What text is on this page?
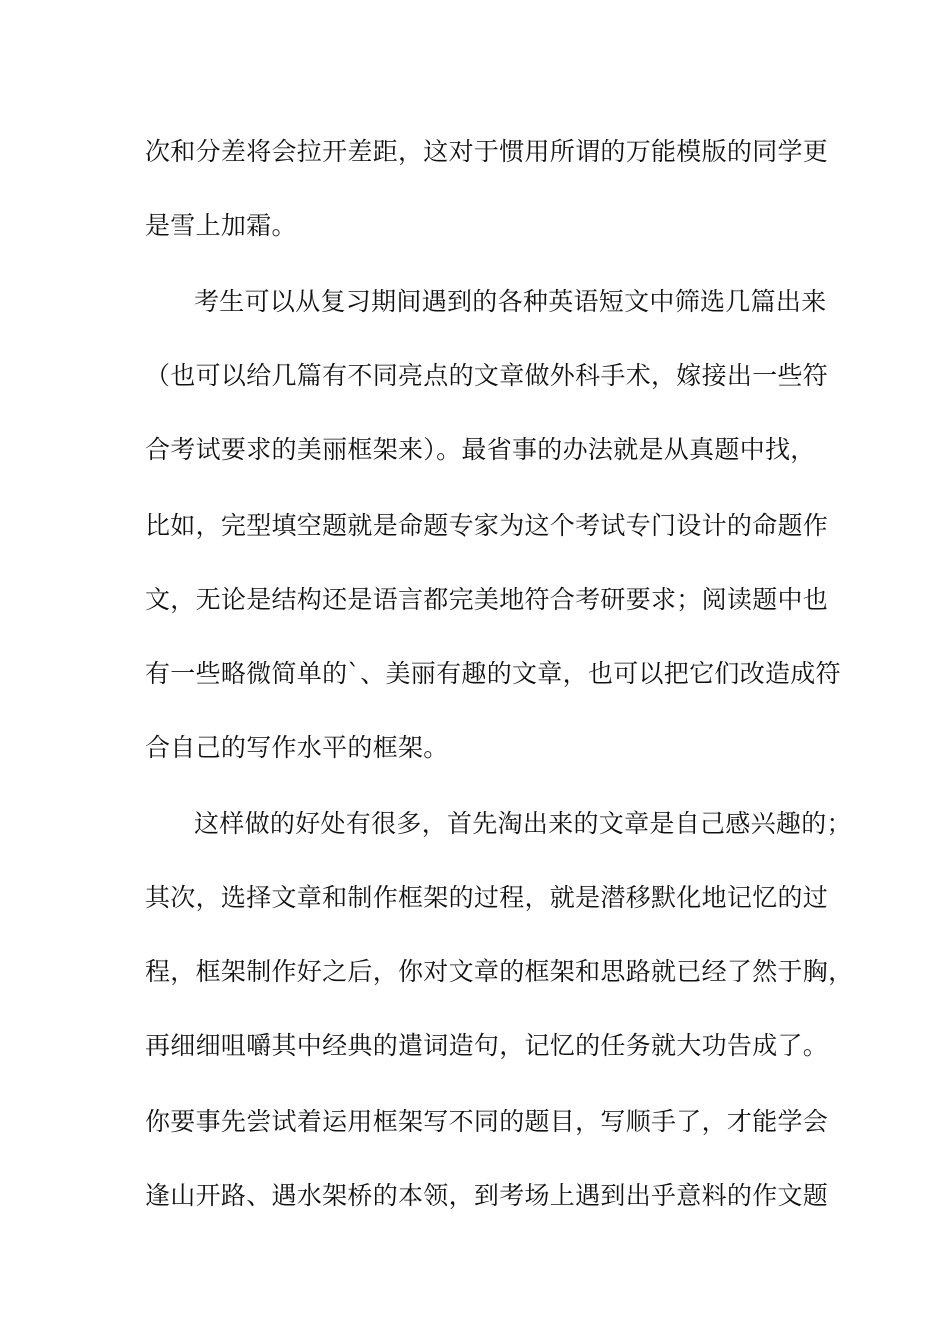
次和分差将会拉开差距，这对于惯用所谓的万能模版的同学更
是雪上加霜。
考生可以从复习期间遇到的各种英语短文中筛选几篇出来
（也可以给几篇有不同亮点的文章做外科手术，嫁接出一些符
合考试要求的美丽框架来）。最省事的办法就是从真题中找，
比如，完型填空题就是命题专家为这个考试专门设计的命题作
文，无论是结构还是语言都完美地符合考研要求；阅读题中也
有一些略微简单的`、美丽有趣的文章，也可以把它们改造成符
合自己的写作水平的框架。
这样做的好处有很多，首先淘出来的文章是自己感兴趣的；
其次，选择文章和制作框架的过程，就是潜移默化地记忆的过
程，框架制作好之后，你对文章的框架和思路就已经了然于胸，
再细细咀嚼其中经典的遣词造句，记忆的任务就大功告成了。
你要事先尝试着运用框架写不同的题目，写顺手了，才能学会
逢山开路、遇水架桥的本领，到考场上遇到出乎意料的作文题
